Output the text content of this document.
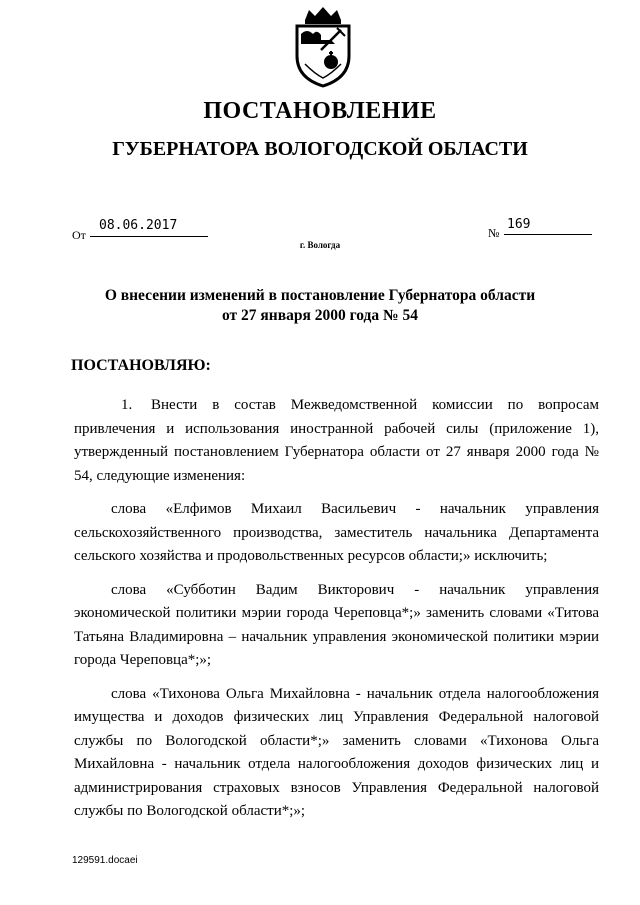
ПОСТАНОВЛЕНИЕ
ГУБЕРНАТОРА ВОЛОГОДСКОЙ ОБЛАСТИ
От
08.06.2017	№
169
г. Вологда
О внесении изменений в постановление Губернатора области
от 27 января 2000 года № 54
ПОСТАНОВЛЯЮ:

1. Внести в состав Межведомственной комиссии по вопросам привлечения и использования иностранной рабочей силы (приложение 1), утвержденный постановлением Губернатора области от 27 января 2000 года № 54, следующие изменения:

слова «Елфимов Михаил Васильевич - начальник управления сельскохозяйственного производства, заместитель начальника Департамента сельского хозяйства и продовольственных ресурсов области;» исключить;

слова «Субботин Вадим Викторович - начальник управления экономической политики мэрии города Череповца*;» заменить словами «Титова Татьяна Владимировна – начальник управления экономической политики мэрии города Череповца*;»;

слова «Тихонова Ольга Михайловна - начальник отдела налогообложения имущества и доходов физических лиц Управления Федеральной налоговой службы по Вологодской области*;» заменить словами «Тихонова Ольга Михайловна - начальник отдела налогообложения доходов физических лиц и администрирования страховых взносов Управления Федеральной налоговой службы по Вологодской области*;»;

129591.docaei
